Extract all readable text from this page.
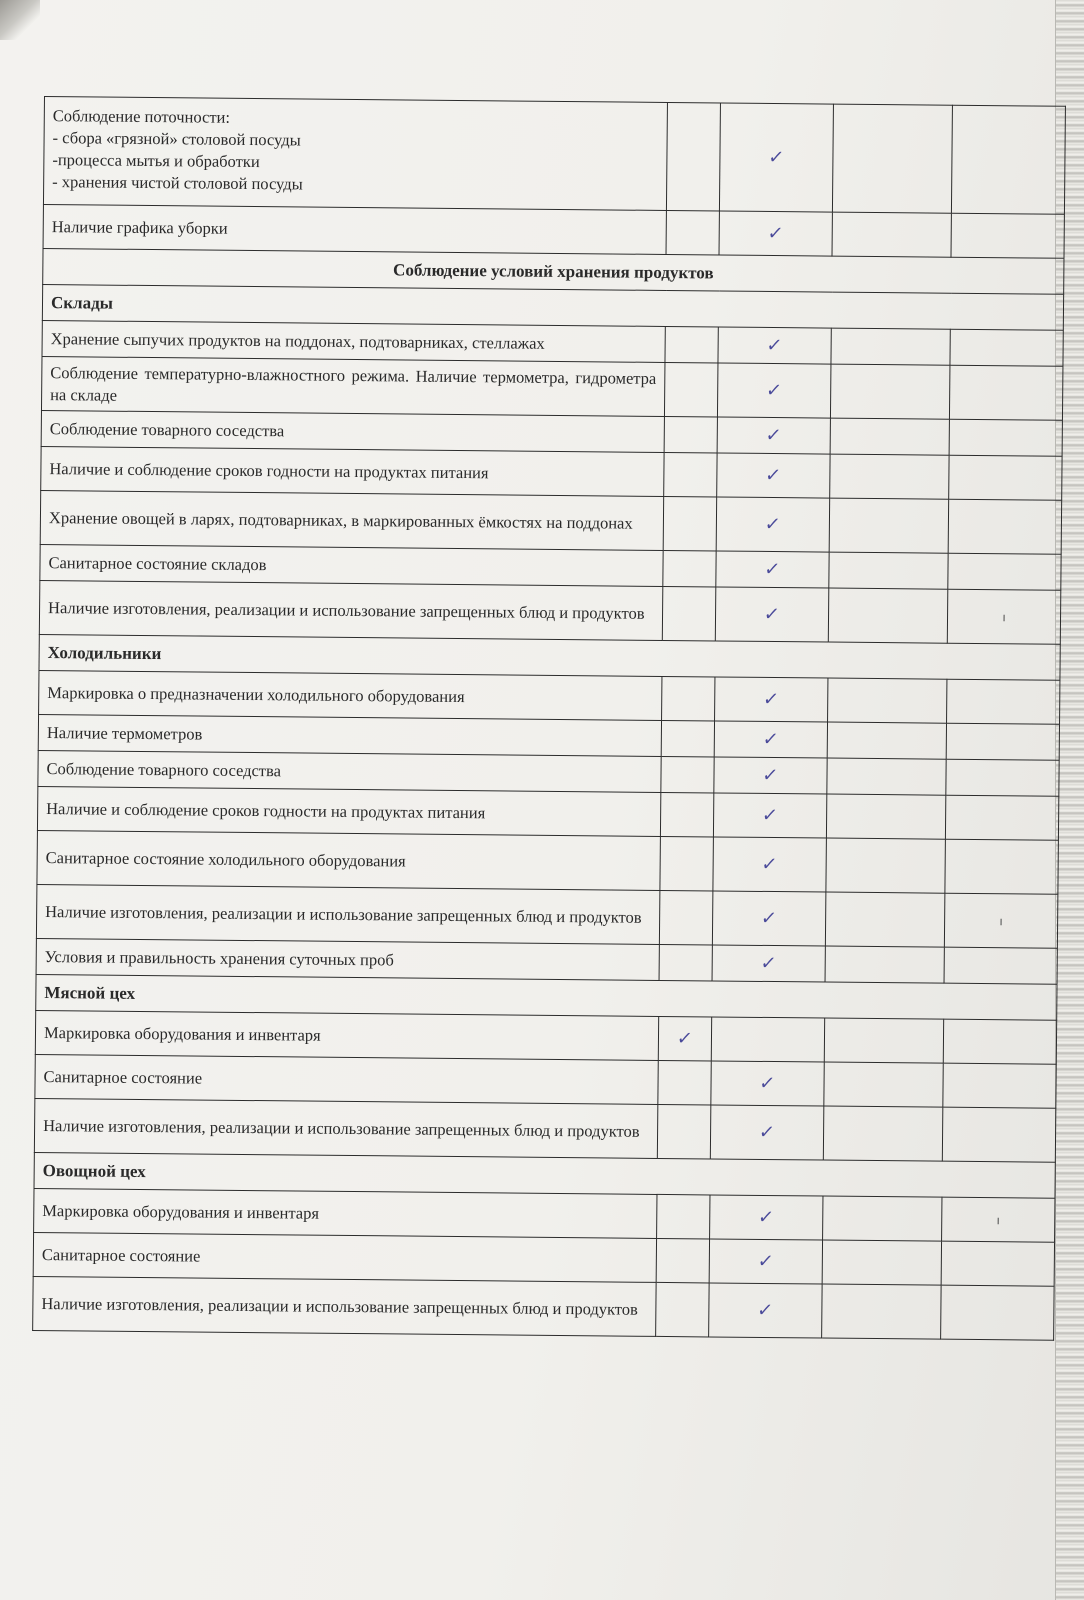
Соблюдение поточности:
- сбора «грязной» столовой посуды
-процесса мытья и обработки
- хранения чистой столовой посуды		✓		
Наличие графика уборки		✓		
Соблюдение условий хранения продуктов				
Склады				
Хранение сыпучих продуктов на поддонах, подтоварниках, стеллажах		✓		
Соблюдение температурно-влажностного режима. Наличие термометра, гидрометра на складе		✓		
Соблюдение товарного соседства		✓		
Наличие и соблюдение сроков годности на продуктах питания		✓		
Хранение овощей в ларях, подтоварниках, в маркированных ёмкостях на поддонах		✓		
Санитарное состояние складов		✓		
Наличие изготовления, реализации и использование запрещенных блюд и продуктов		✓		ı
Холодильники				
Маркировка о предназначении холодильного оборудования		✓		
Наличие термометров		✓		
Соблюдение товарного соседства		✓		
Наличие и соблюдение сроков годности на продуктах питания		✓		
Санитарное состояние холодильного оборудования		✓		
Наличие изготовления, реализации и использование запрещенных блюд и продуктов		✓		ı
Условия и правильность хранения суточных проб		✓		
Мясной цех				
Маркировка оборудования и инвентаря	✓			
Санитарное состояние		✓		
Наличие изготовления, реализации и использование запрещенных блюд и продуктов		✓		
Овощной цех				
Маркировка оборудования и инвентаря		✓		ı
Санитарное состояние		✓		
Наличие изготовления, реализации и использование запрещенных блюд и продуктов		✓		
